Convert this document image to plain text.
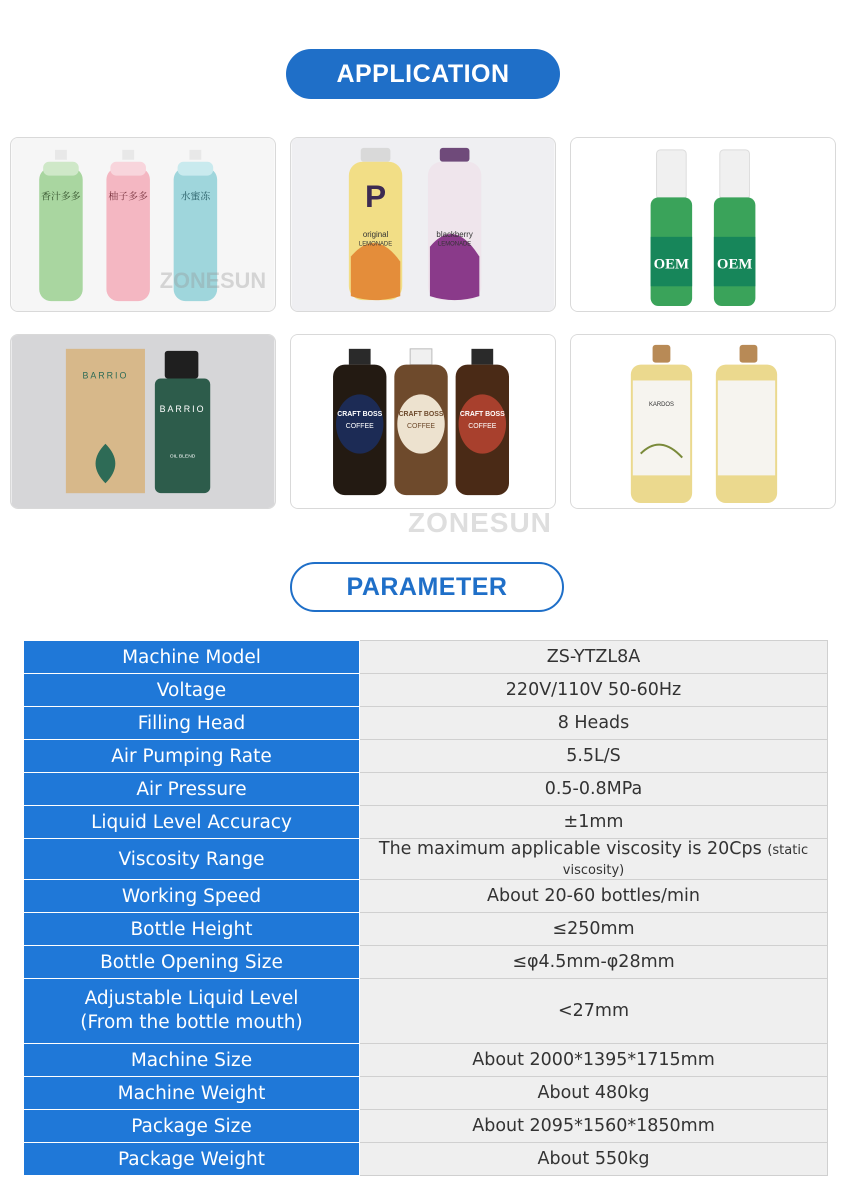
APPLICATION
香汁多多	柚子多多	水蜜冻
ZONESUN
P
original
LEMONADE
blackberry
LEMONADE
OEM OEM
BARRIO
BARRIO
OIL BLEND
CRAFT BOSS
COFFEE
CRAFT BOSS
COFFEE
CRAFT BOSS
COFFEE
KARDOS
ZONESUN
PARAMETER
Machine Model	ZS-YTZL8A
Voltage	220V/110V 50-60Hz
Filling Head	8 Heads
Air Pumping Rate	5.5L/S
Air Pressure	0.5-0.8MPa
Liquid Level Accuracy	±1mm
Viscosity Range	The maximum applicable viscosity is 20Cps (static viscosity)
Working Speed	About 20-60 bottles/min
Bottle Height	≤250mm
Bottle Opening Size	≤φ4.5mm-φ28mm
Adjustable Liquid Level
(From the bottle mouth)	<27mm
Machine Size	About 2000*1395*1715mm
Machine Weight	About 480kg
Package Size	About 2095*1560*1850mm
Package Weight	About 550kg
